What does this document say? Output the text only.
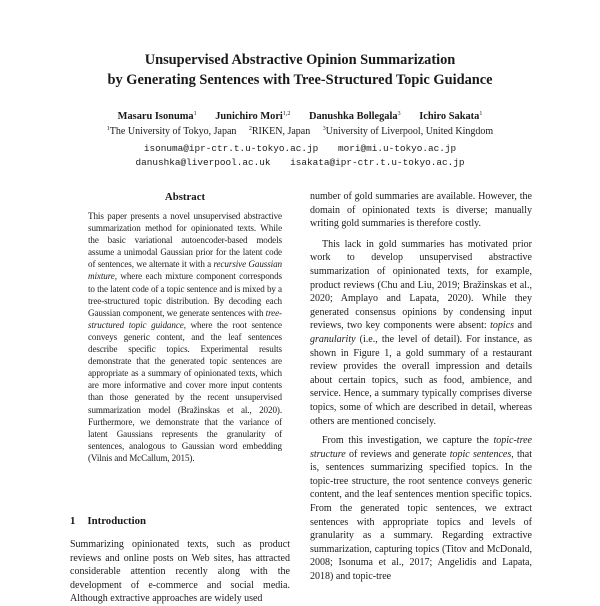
Unsupervised Abstractive Opinion Summarization
by Generating Sentences with Tree-Structured Topic Guidance
Masaru Isonuma$^1$ Junichiro Mori$^{1,2}$ Danushka Bollegala$^3$ Ichiro Sakata$^1$
$^1$The University of Tokyo, Japan $^2$RIKEN, Japan $^3$University of Liverpool, United Kingdom
isonuma@ipr-ctr.t.u-tokyo.ac.jp mori@mi.u-tokyo.ac.jp
danushka@liverpool.ac.uk isakata@ipr-ctr.t.u-tokyo.ac.jp
Abstract
This paper presents a novel unsupervised abstractive summarization method for opinionated texts. While the basic variational autoencoder-based models assume a unimodal Gaussian prior for the latent code of sentences, we alternate it with a recursive Gaussian mixture, where each mixture component corresponds to the latent code of a topic sentence and is mixed by a tree-structured topic distribution. By decoding each Gaussian component, we generate sentences with tree-structured topic guidance, where the root sentence conveys generic content, and the leaf sentences describe specific topics. Experimental results demonstrate that the generated topic sentences are appropriate as a summary of opinionated texts, which are more informative and cover more input contents than those generated by the recent unsupervised summarization model (Bražinskas et al., 2020). Furthermore, we demonstrate that the variance of latent Gaussians represents the granularity of sentences, analogous to Gaussian word embedding (Vilnis and McCallum, 2015).
1 Introduction
Summarizing opinionated texts, such as product reviews and online posts on Web sites, has attracted considerable attention recently along with the development of e-commerce and social media. Although extractive approaches are widely used

number of gold summaries are available. However, the domain of opinionated texts is diverse; manually writing gold summaries is therefore costly.

This lack in gold summaries has motivated prior work to develop unsupervised abstractive summarization of opinionated texts, for example, product reviews (Chu and Liu, 2019; Bražinskas et al., 2020; Amplayo and Lapata, 2020). While they generated consensus opinions by condensing input reviews, two key components were absent: topics and granularity (i.e., the level of detail). For instance, as shown in Figure 1, a gold summary of a restaurant review provides the overall impression and details about certain topics, such as food, ambience, and service. Hence, a summary typically comprises diverse topics, some of which are described in detail, whereas others are mentioned concisely.

From this investigation, we capture the topic-tree structure of reviews and generate topic sentences, that is, sentences summarizing specified topics. In the topic-tree structure, the root sentence conveys generic content, and the leaf sentences mention specific topics. From the generated topic sentences, we extract sentences with appropriate topics and levels of granularity as a summary. Regarding extractive summarization, capturing topics (Titov and McDonald, 2008; Isonuma et al., 2017; Angelidis and Lapata, 2018) and topic-tree
